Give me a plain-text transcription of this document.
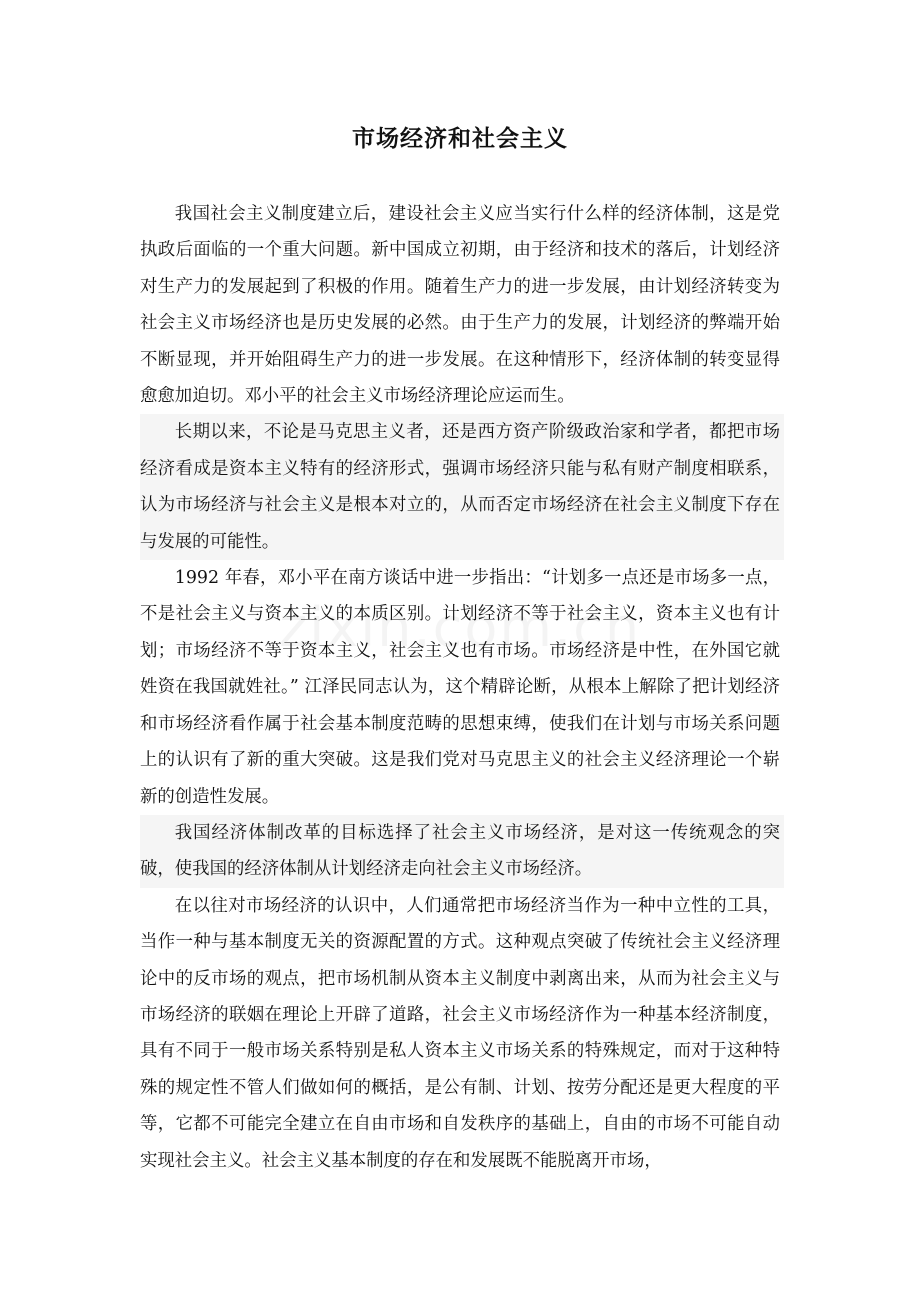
市场经济和社会主义

我国社会主义制度建立后，建设社会主义应当实行什么样的经济体制，这是党执政后面临的一个重大问题。新中国成立初期，由于经济和技术的落后，计划经济对生产力的发展起到了积极的作用。随着生产力的进一步发展，由计划经济转变为社会主义市场经济也是历史发展的必然。由于生产力的发展，计划经济的弊端开始不断显现，并开始阻碍生产力的进一步发展。在这种情形下，经济体制的转变显得愈愈加迫切。邓小平的社会主义市场经济理论应运而生。

长期以来，不论是马克思主义者，还是西方资产阶级政治家和学者，都把市场经济看成是资本主义特有的经济形式，强调市场经济只能与私有财产制度相联系，认为市场经济与社会主义是根本对立的，从而否定市场经济在社会主义制度下存在与发展的可能性。

1992 年春，邓小平在南方谈话中进一步指出：“计划多一点还是市场多一点，不是社会主义与资本主义的本质区别。计划经济不等于社会主义，资本主义也有计划；市场经济不等于资本主义，社会主义也有市场。市场经济是中性，在外国它就姓资在我国就姓社。” 江泽民同志认为，这个精辟论断，从根本上解除了把计划经济和市场经济看作属于社会基本制度范畴的思想束缚，使我们在计划与市场关系问题上的认识有了新的重大突破。这是我们党对马克思主义的社会主义经济理论一个崭新的创造性发展。

我国经济体制改革的目标选择了社会主义市场经济，是对这一传统观念的突破，使我国的经济体制从计划经济走向社会主义市场经济。

在以往对市场经济的认识中，人们通常把市场经济当作为一种中立性的工具，当作一种与基本制度无关的资源配置的方式。这种观点突破了传统社会主义经济理论中的反市场的观点，把市场机制从资本主义制度中剥离出来，从而为社会主义与市场经济的联姻在理论上开辟了道路，社会主义市场经济作为一种基本经济制度，具有不同于一般市场关系特别是私人资本主义市场关系的特殊规定，而对于这种特殊的规定性不管人们做如何的概括，是公有制、计划、按劳分配还是更大程度的平等，它都不可能完全建立在自由市场和自发秩序的基础上，自由的市场不可能自动实现社会主义。社会主义基本制度的存在和发展既不能脱离开市场，
